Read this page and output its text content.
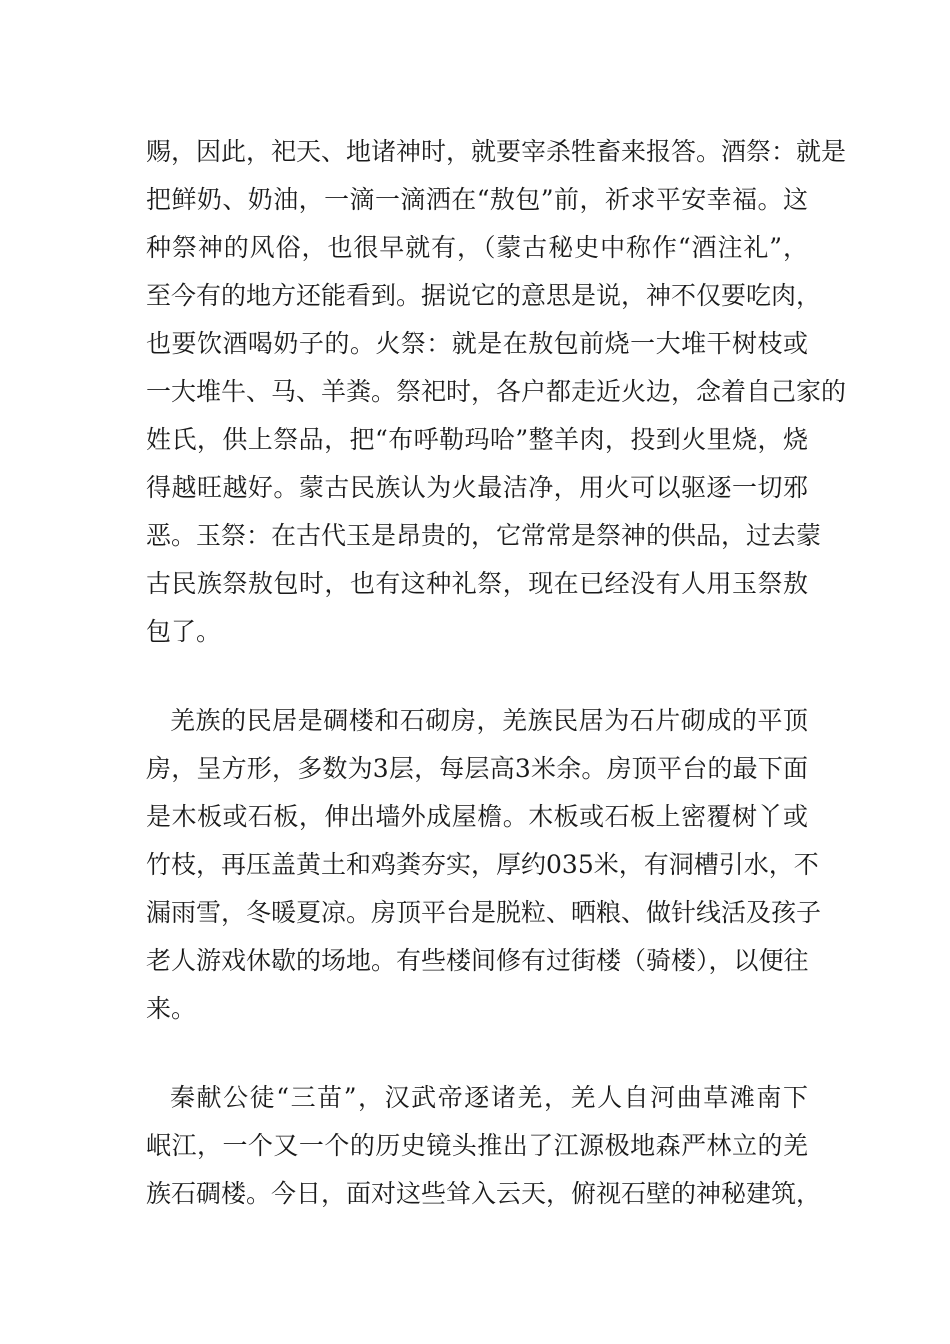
赐，因此，祀天、地诸神时，就要宰杀牲畜来报答。酒祭：就是
把鲜奶、奶油，一滴一滴洒在“敖包”前，祈求平安幸福。这
种祭神的风俗，也很早就有，（蒙古秘史中称作“酒注礼”，
至今有的地方还能看到。据说它的意思是说，神不仅要吃肉，
也要饮酒喝奶子的。火祭：就是在敖包前烧一大堆干树枝或
一大堆牛、马、羊粪。祭祀时，各户都走近火边，念着自己家的
姓氏，供上祭品，把“布呼勒玛哈”整羊肉，投到火里烧，烧
得越旺越好。蒙古民族认为火最洁净，用火可以驱逐一切邪
恶。玉祭：在古代玉是昂贵的，它常常是祭神的供品，过去蒙
古民族祭敖包时，也有这种礼祭，现在已经没有人用玉祭敖
包了。
羌族的民居是碉楼和石砌房，羌族民居为石片砌成的平顶
房，呈方形，多数为3层，每层高3米余。房顶平台的最下面
是木板或石板，伸出墙外成屋檐。木板或石板上密覆树丫或
竹枝，再压盖黄土和鸡粪夯实，厚约035米，有洞槽引水，不
漏雨雪，冬暖夏凉。房顶平台是脱粒、晒粮、做针线活及孩子
老人游戏休歇的场地。有些楼间修有过街楼（骑楼），以便往
来。
秦献公徒“三苗”，汉武帝逐诸羌，羌人自河曲草滩南下
岷江，一个又一个的历史镜头推出了江源极地森严林立的羌
族石碉楼。今日，面对这些耸入云天，俯视石壁的神秘建筑，
